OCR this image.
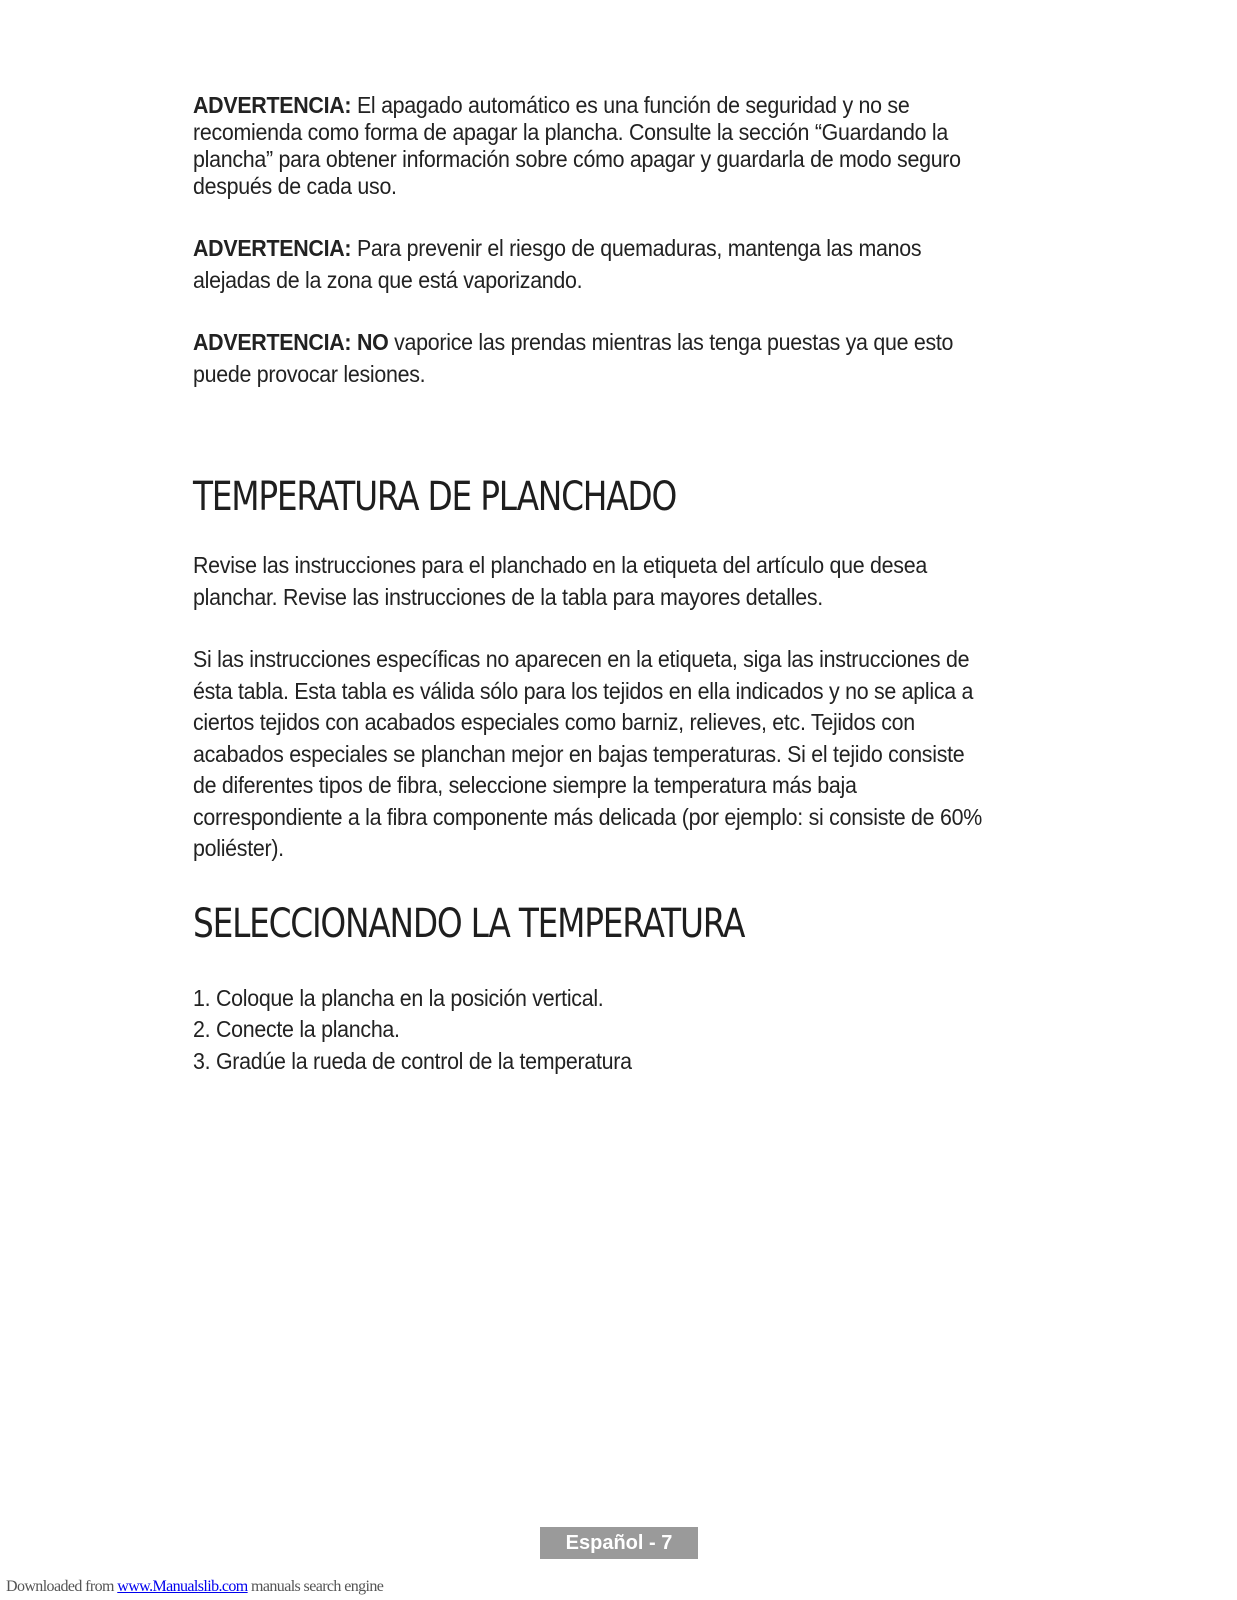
ADVERTENCIA: El apagado automático es una función de seguridad y no se recomienda como forma de apagar la plancha. Consulte la sección “Guardando la plancha” para obtener información sobre cómo apagar y guardarla de modo seguro después de cada uso.

ADVERTENCIA: Para prevenir el riesgo de quemaduras, mantenga las manos alejadas de la zona que está vaporizando.

ADVERTENCIA: NO vaporice las prendas mientras las tenga puestas ya que esto puede provocar lesiones.

TEMPERATURA DE PLANCHADO

Revise las instrucciones para el planchado en la etiqueta del artículo que desea planchar. Revise las instrucciones de la tabla para mayores detalles.

Si las instrucciones específicas no aparecen en la etiqueta, siga las instrucciones de ésta tabla. Esta tabla es válida sólo para los tejidos en ella indicados y no se aplica a ciertos tejidos con acabados especiales como barniz, relieves, etc. Tejidos con acabados especiales se planchan mejor en bajas temperaturas. Si el tejido consiste de diferentes tipos de fibra, seleccione siempre la temperatura más baja correspondiente a la fibra componente más delicada (por ejemplo: si consiste de 60% poliéster).

SELECCIONANDO LA TEMPERATURA
1. Coloque la plancha en la posición vertical.
2. Conecte la plancha.
3. Gradúe la rueda de control de la temperatura
Español - 7
Downloaded from www.Manualslib.com manuals search engine
